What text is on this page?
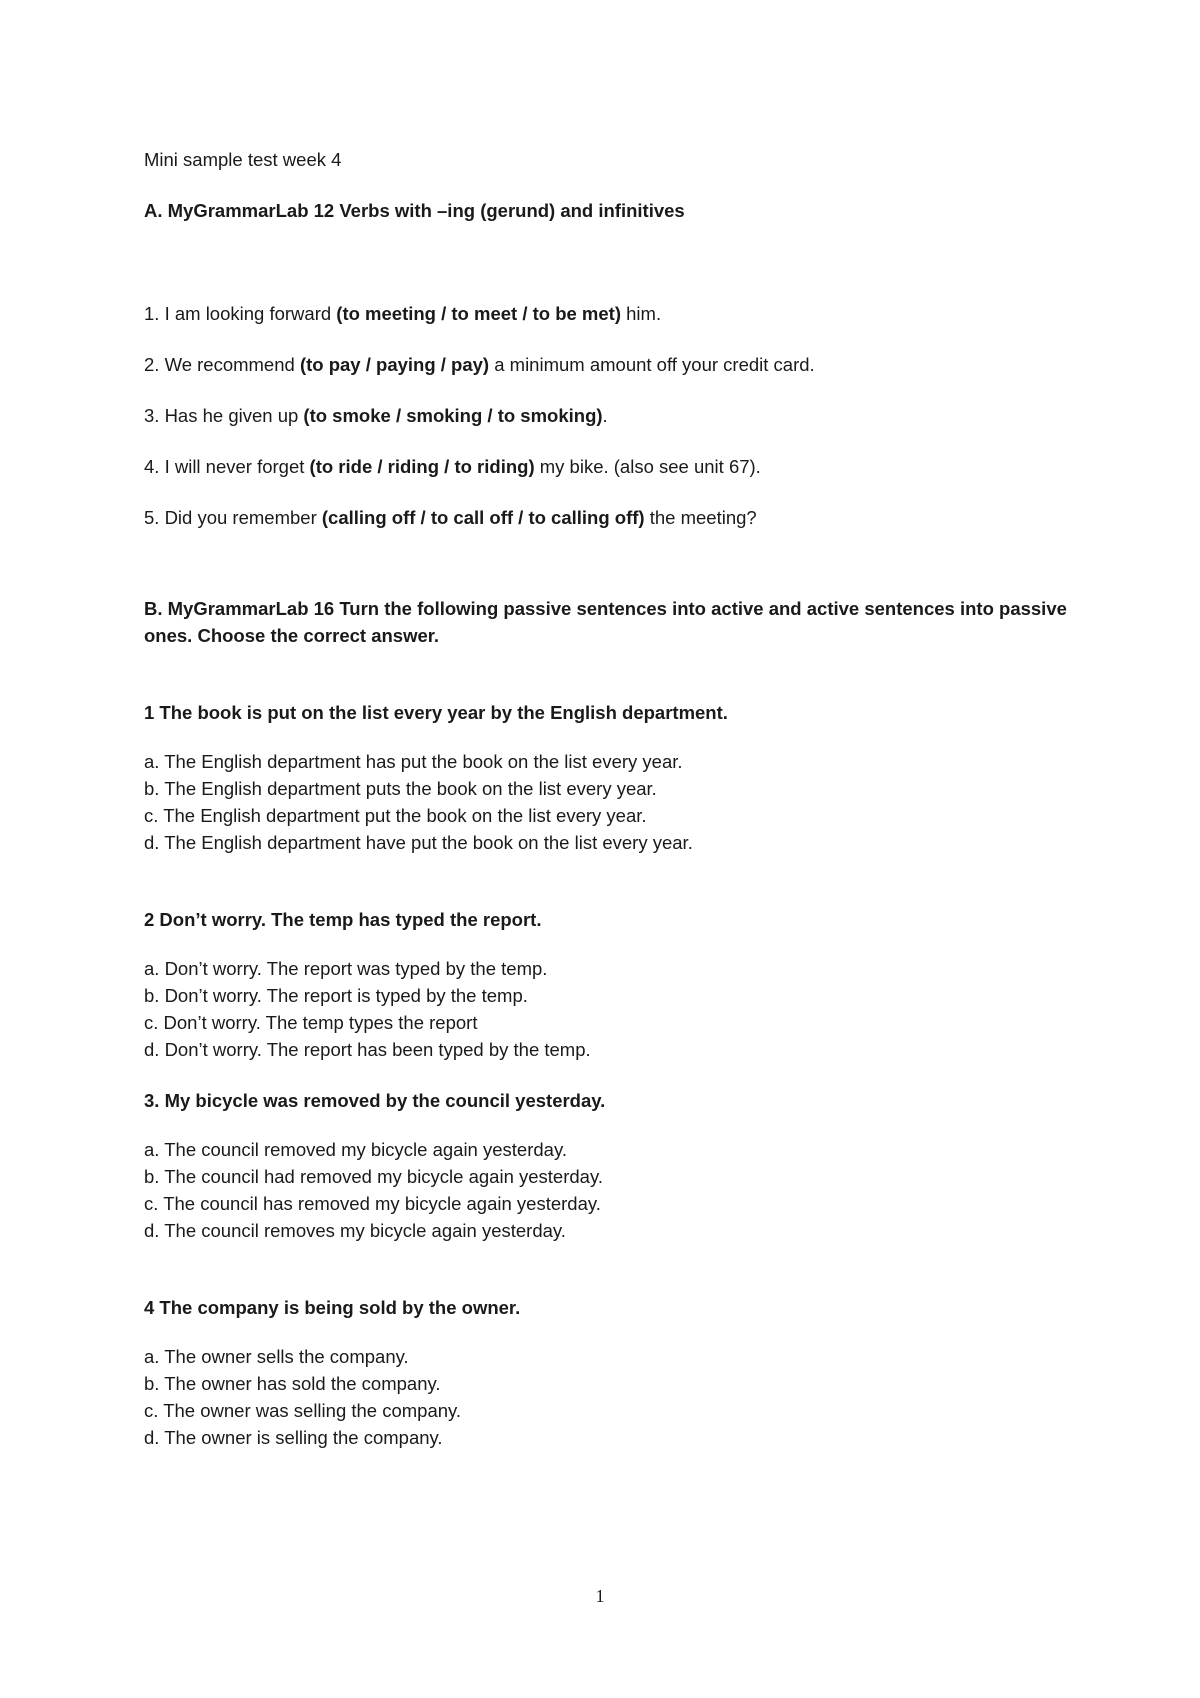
Mini sample test week 4

A. MyGrammarLab 12 Verbs with –ing (gerund) and infinitives

1. I am looking forward (to meeting / to meet / to be met) him.

2. We recommend (to pay / paying / pay) a minimum amount off your credit card.

3. Has he given up (to smoke / smoking / to smoking).

4. I will never forget (to ride / riding / to riding) my bike. (also see unit 67).

5. Did you remember (calling off / to call off / to calling off) the meeting?

B. MyGrammarLab 16 Turn the following passive sentences into active and active sentences into passive ones. Choose the correct answer.

1 The book is put on the list every year by the English department.

a. The English department has put the book on the list every year.
b. The English department puts the book on the list every year.
c. The English department put the book on the list every year.
d. The English department have put the book on the list every year.

2 Don’t worry. The temp has typed the report.

a. Don’t worry. The report was typed by the temp.
b. Don’t worry. The report is typed by the temp.
c. Don’t worry. The temp types the report
d. Don’t worry. The report has been typed by the temp.

3. My bicycle was removed by the council yesterday.

a. The council removed my bicycle again yesterday.
b. The council had removed my bicycle again yesterday.
c. The council has removed my bicycle again yesterday.
d. The council removes my bicycle again yesterday.

4 The company is being sold by the owner.

a. The owner sells the company.
b. The owner has sold the company.
c. The owner was selling the company.
d. The owner is selling the company.
1
